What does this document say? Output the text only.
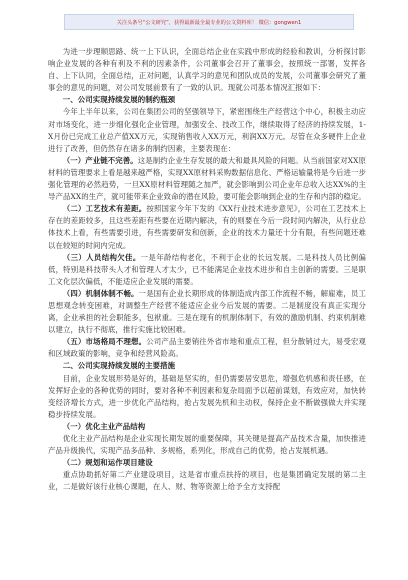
关注头条号“公文研究”，获得最新最全最专业的公文资料库！ 微信：gongwen1

为进一步理顺思路、统一上下认识，全面总结企业在实践中形成的经验和教训，分析探讨影响企业发展的各种有利及不利的因素条件，公司董事会召开了董事会，按照统一部署，发挥各自、上下认同，全面总结，正对问题，认真学习的意见和团队成员的发展，公司董事会研究了董事会的意见的问题，对公司发展前景有了一致的认识。现就公司基本情况汇报如下：

一、公司实现持续发展的制约瓶颈

今年上半年以来，公司在集团公司的坚强领导下，紧密围绕生产经营这个中心，积极主动应对市场变化，进一步细化强化企业管理，加强安全、技改工作，继续取得了经济的持续发展，1-X月份已完成工业总产值XX万元，实现销售收入XX万元，利润XX万元。尽管在众多硬件上企业进行了改善，但仍然存在诸多的制约因素，主要表现在：

（一）产业链不完善。这是制约企业生存发展的最大和最具风险的问题。从当前国家对XX原材料的管理要求上看是越来越严格，实现XX原材料采购数据信息化、严格运输量将是今后进一步强化管理的必然趋势，一旦XX原材料管理随之加严，就会影响到公司企业年总收入达XX%的主导产品XX的生产，就可能带来企业致命的潜在风险，要可能会影响到企业的生存和内部的稳定。

（二）工艺技术有差距。按照国家今年下发的《XX行业技术进步意见》，公司在工艺技术上存在的差距较多，且这些差距有些要在近期内解决，有的则要在今后一段时间内解决，从行业总体技术上看，有些需要引进，有些需要研发和创新，企业的技术力量还十分有限，有些问题还难以在较短的时间内完成。

（三）人员结构欠佳。一是年龄结构老化，不利于企业的长远发展。二是科技人员比例偏低，特别是科技带头人才和管理人才太少，已不能满足企业技术进步和自主创新的需要。三是职工文化层次偏低，不能适应企业发展的需要。

（四）机制体制不畅。一是国有企业长期形成的体制造成内部工作流程不畅，解雇难，员工思想观念转变困难，对调整生产经营不能适应企业今后发展的需要。二是制度没有真正实现分离，企业承担的社会职能多，包袱重。三是在现有的机制体制下，有效的激励机制、约束机制难以建立，执行不彻底，推行实施比较困难。

（五）市场格局不理想。公司产品主要销往外省市地和重点工程，但分散销过大，易受宏观和区域政策的影响，竞争和经营风险高。

二、公司实现持续发展的主要措施

目前，企业发展形势是好的，基础是坚实的，但仍需要居安思危，增强危机感和责任感，在发挥好企业的各种优势的同时，要对各种不利因素和复杂局面予以超前谋划，有效应对，加快转变经济增长方式，进一步优化产品结构，抢占发展先机和主动权，保持企业不断做强做大并实现稳步持续发展。

（一）优化主业产品结构

优化主业产品结构是企业实现长期发展的重要保障，其关键是提高产品技术含量，加快推进产品升级换代，实现产品多品种、多规格，系列化，形成自己的优势，抢占发展机遇。

（二）规划和运作项目建设

重点协助抓好第二产业建设项目，这是省市重点扶持的项目，也是集团确定发展的第二主业，二是做好该行业核心课题，在人、财、物等资源上给予全方支持配
